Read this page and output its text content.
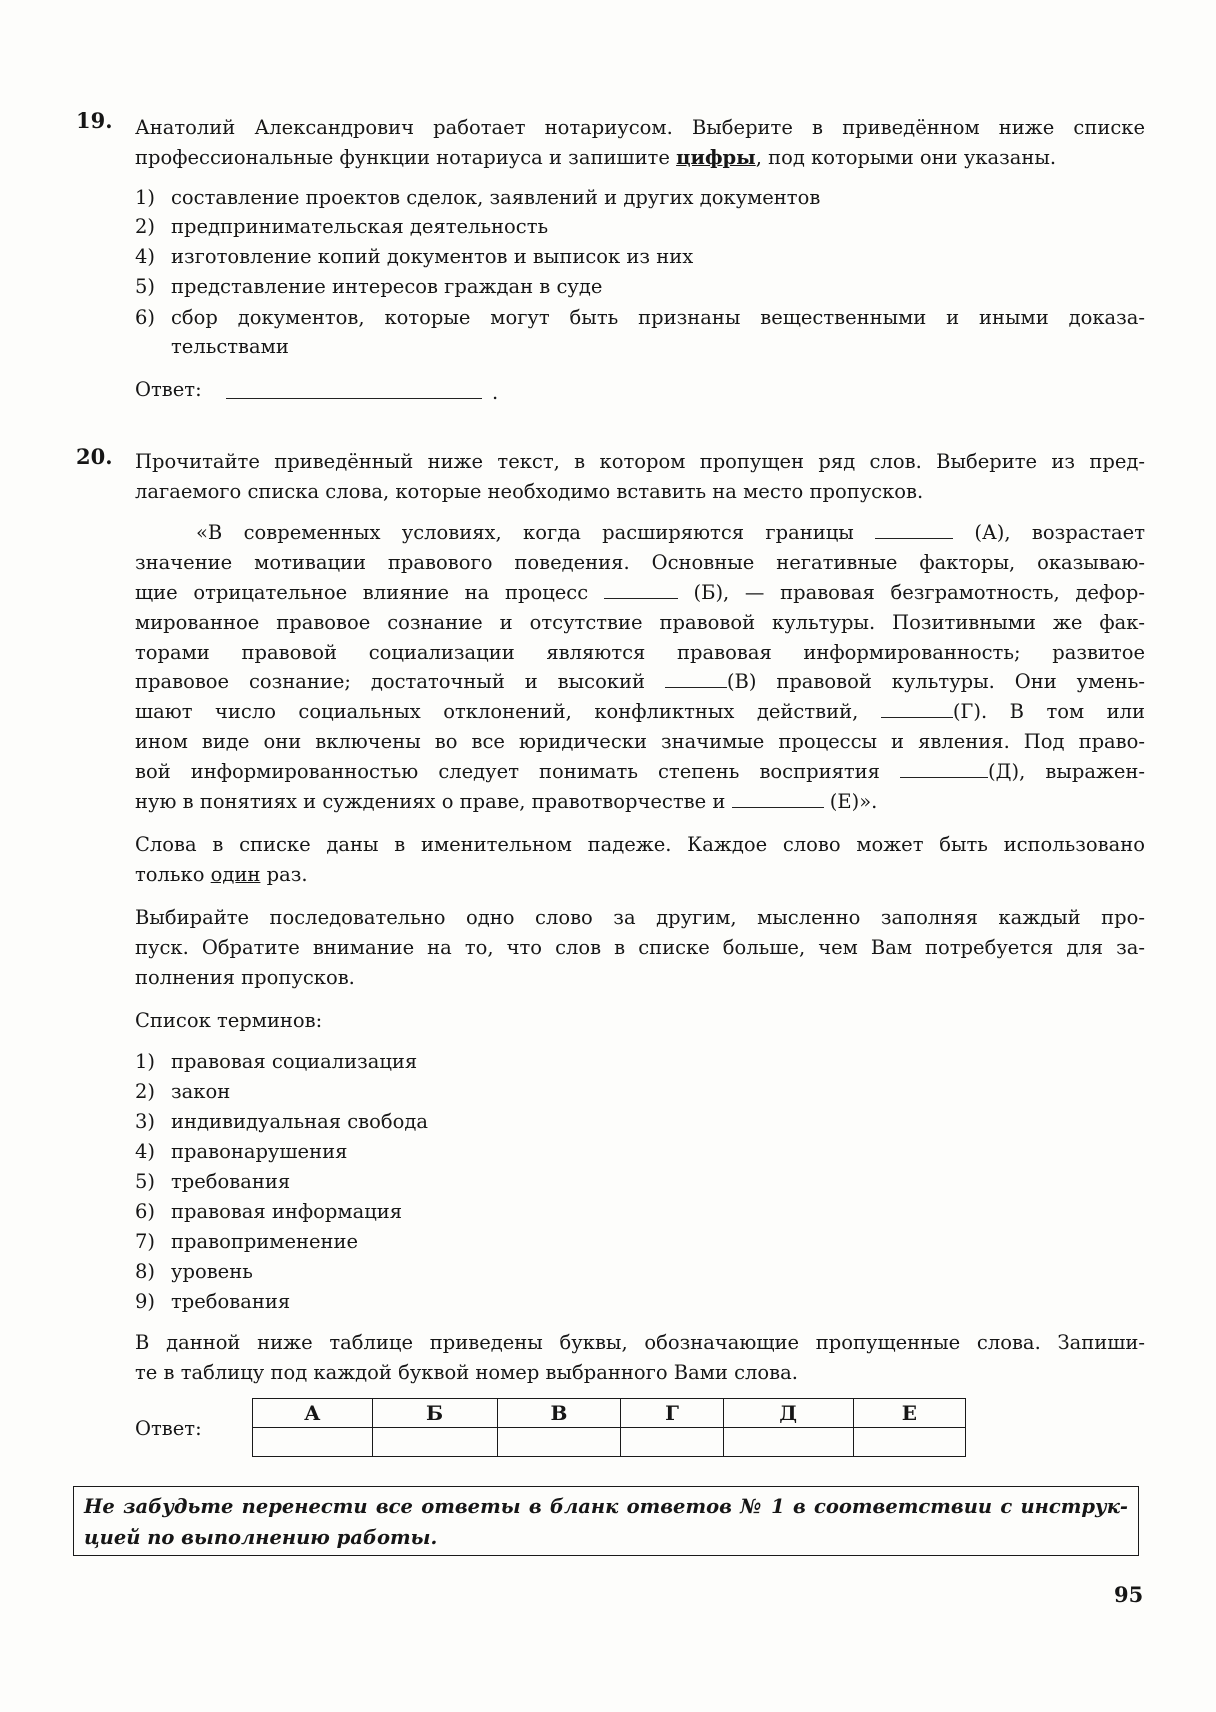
19. Анатолий Александрович работает нотариусом. Выберите в приведённом ниже списке
профессиональные функции нотариуса и запишите цифры, под которыми они указаны.
1) составление проектов сделок, заявлений и других документов
2) предпринимательская деятельность
4) изготовление копий документов и выписок из них
5) представление интересов граждан в суде
6) сбор документов, которые могут быть признаны вещественными и иными доказа-
тельствами
Ответ:	.
20. Прочитайте приведённый ниже текст, в котором пропущен ряд слов. Выберите из пред-
лагаемого списка слова, которые необходимо вставить на место пропусков.
«В современных условиях, когда расширяются границы	(А), возрастает
значение мотивации правового поведения. Основные негативные факторы, оказываю-
щие отрицательное влияние на процесс	(Б), — правовая безграмотность, дефор-
мированное правовое сознание и отсутствие правовой культуры. Позитивными же фак-
торами правовой социализации являются правовая информированность; развитое
правовое сознание; достаточный и высокий	(В) правовой культуры. Они умень-
шают число социальных отклонений, конфликтных действий,	(Г). В том или
ином виде они включены во все юридически значимые процессы и явления. Под право-
вой информированностью следует понимать степень восприятия	(Д), выражен-
ную в понятиях и суждениях о праве, правотворчестве и	(Е)».
Слова в списке даны в именительном падеже. Каждое слово может быть использовано
только один раз.
Выбирайте последовательно одно слово за другим, мысленно заполняя каждый про-
пуск. Обратите внимание на то, что слов в списке больше, чем Вам потребуется для за-
полнения пропусков.
Список терминов:
1) правовая социализация
2) закон
3) индивидуальная свобода
4) правонарушения
5) требования
6) правовая информация
7) правоприменение
8) уровень
9) требования
В данной ниже таблице приведены буквы, обозначающие пропущенные слова. Запиши-
те в таблицу под каждой буквой номер выбранного Вами слова.
Ответ:
А	Б	В	Г	Д	Е

Не забудьте перенести все ответы в бланк ответов № 1 в соответствии с инструк-
цией по выполнению работы.
95
